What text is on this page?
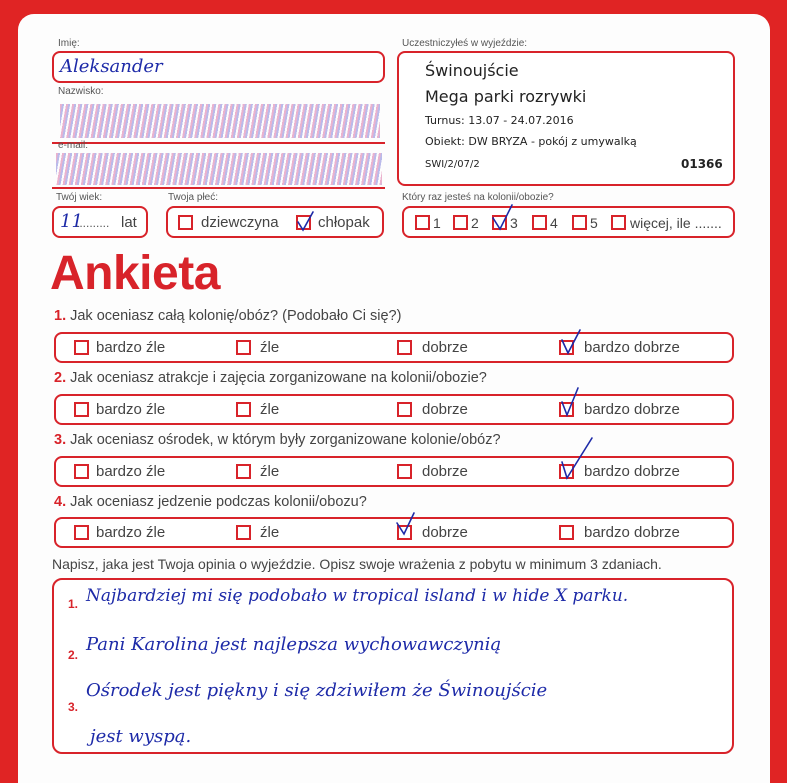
Imię:
Aleksander
Nazwisko:
e-mail:
Twój wiek:
11
.......... lat
Twoja płeć:
dziewczyna	chłopak
Uczestniczyłeś w wyjeździe:
Świnoujście
Mega parki rozrywki
Turnus: 13.07 - 24.07.2016
Obiekt: DW BRYZA - pokój z umywalką
SWI/2/07/2	01366
Który raz jesteś na kolonii/obozie?
1 2 3 4 5 więcej, ile .......
Ankieta
1. Jak oceniasz całą kolonię/obóz? (Podobało Ci się?)
bardzo źle	źle	dobrze	bardzo dobrze
2. Jak oceniasz atrakcje i zajęcia zorganizowane na kolonii/obozie?
bardzo źle	źle	dobrze	bardzo dobrze
3. Jak oceniasz ośrodek, w którym były zorganizowane kolonie/obóz?
bardzo źle	źle	dobrze	bardzo dobrze
4. Jak oceniasz jedzenie podczas kolonii/obozu?
bardzo źle	źle	dobrze	bardzo dobrze
Napisz, jaka jest Twoja opinia o wyjeździe. Opisz swoje wrażenia z pobytu w minimum 3 zdaniach.
1.
2.
3.
Najbardziej mi się podobało w tropical island i w hide X parku.
Pani Karolina jest najlepsza wychowawczynią
Ośrodek jest piękny i się zdziwiłem że Świnoujście
jest wyspą.
